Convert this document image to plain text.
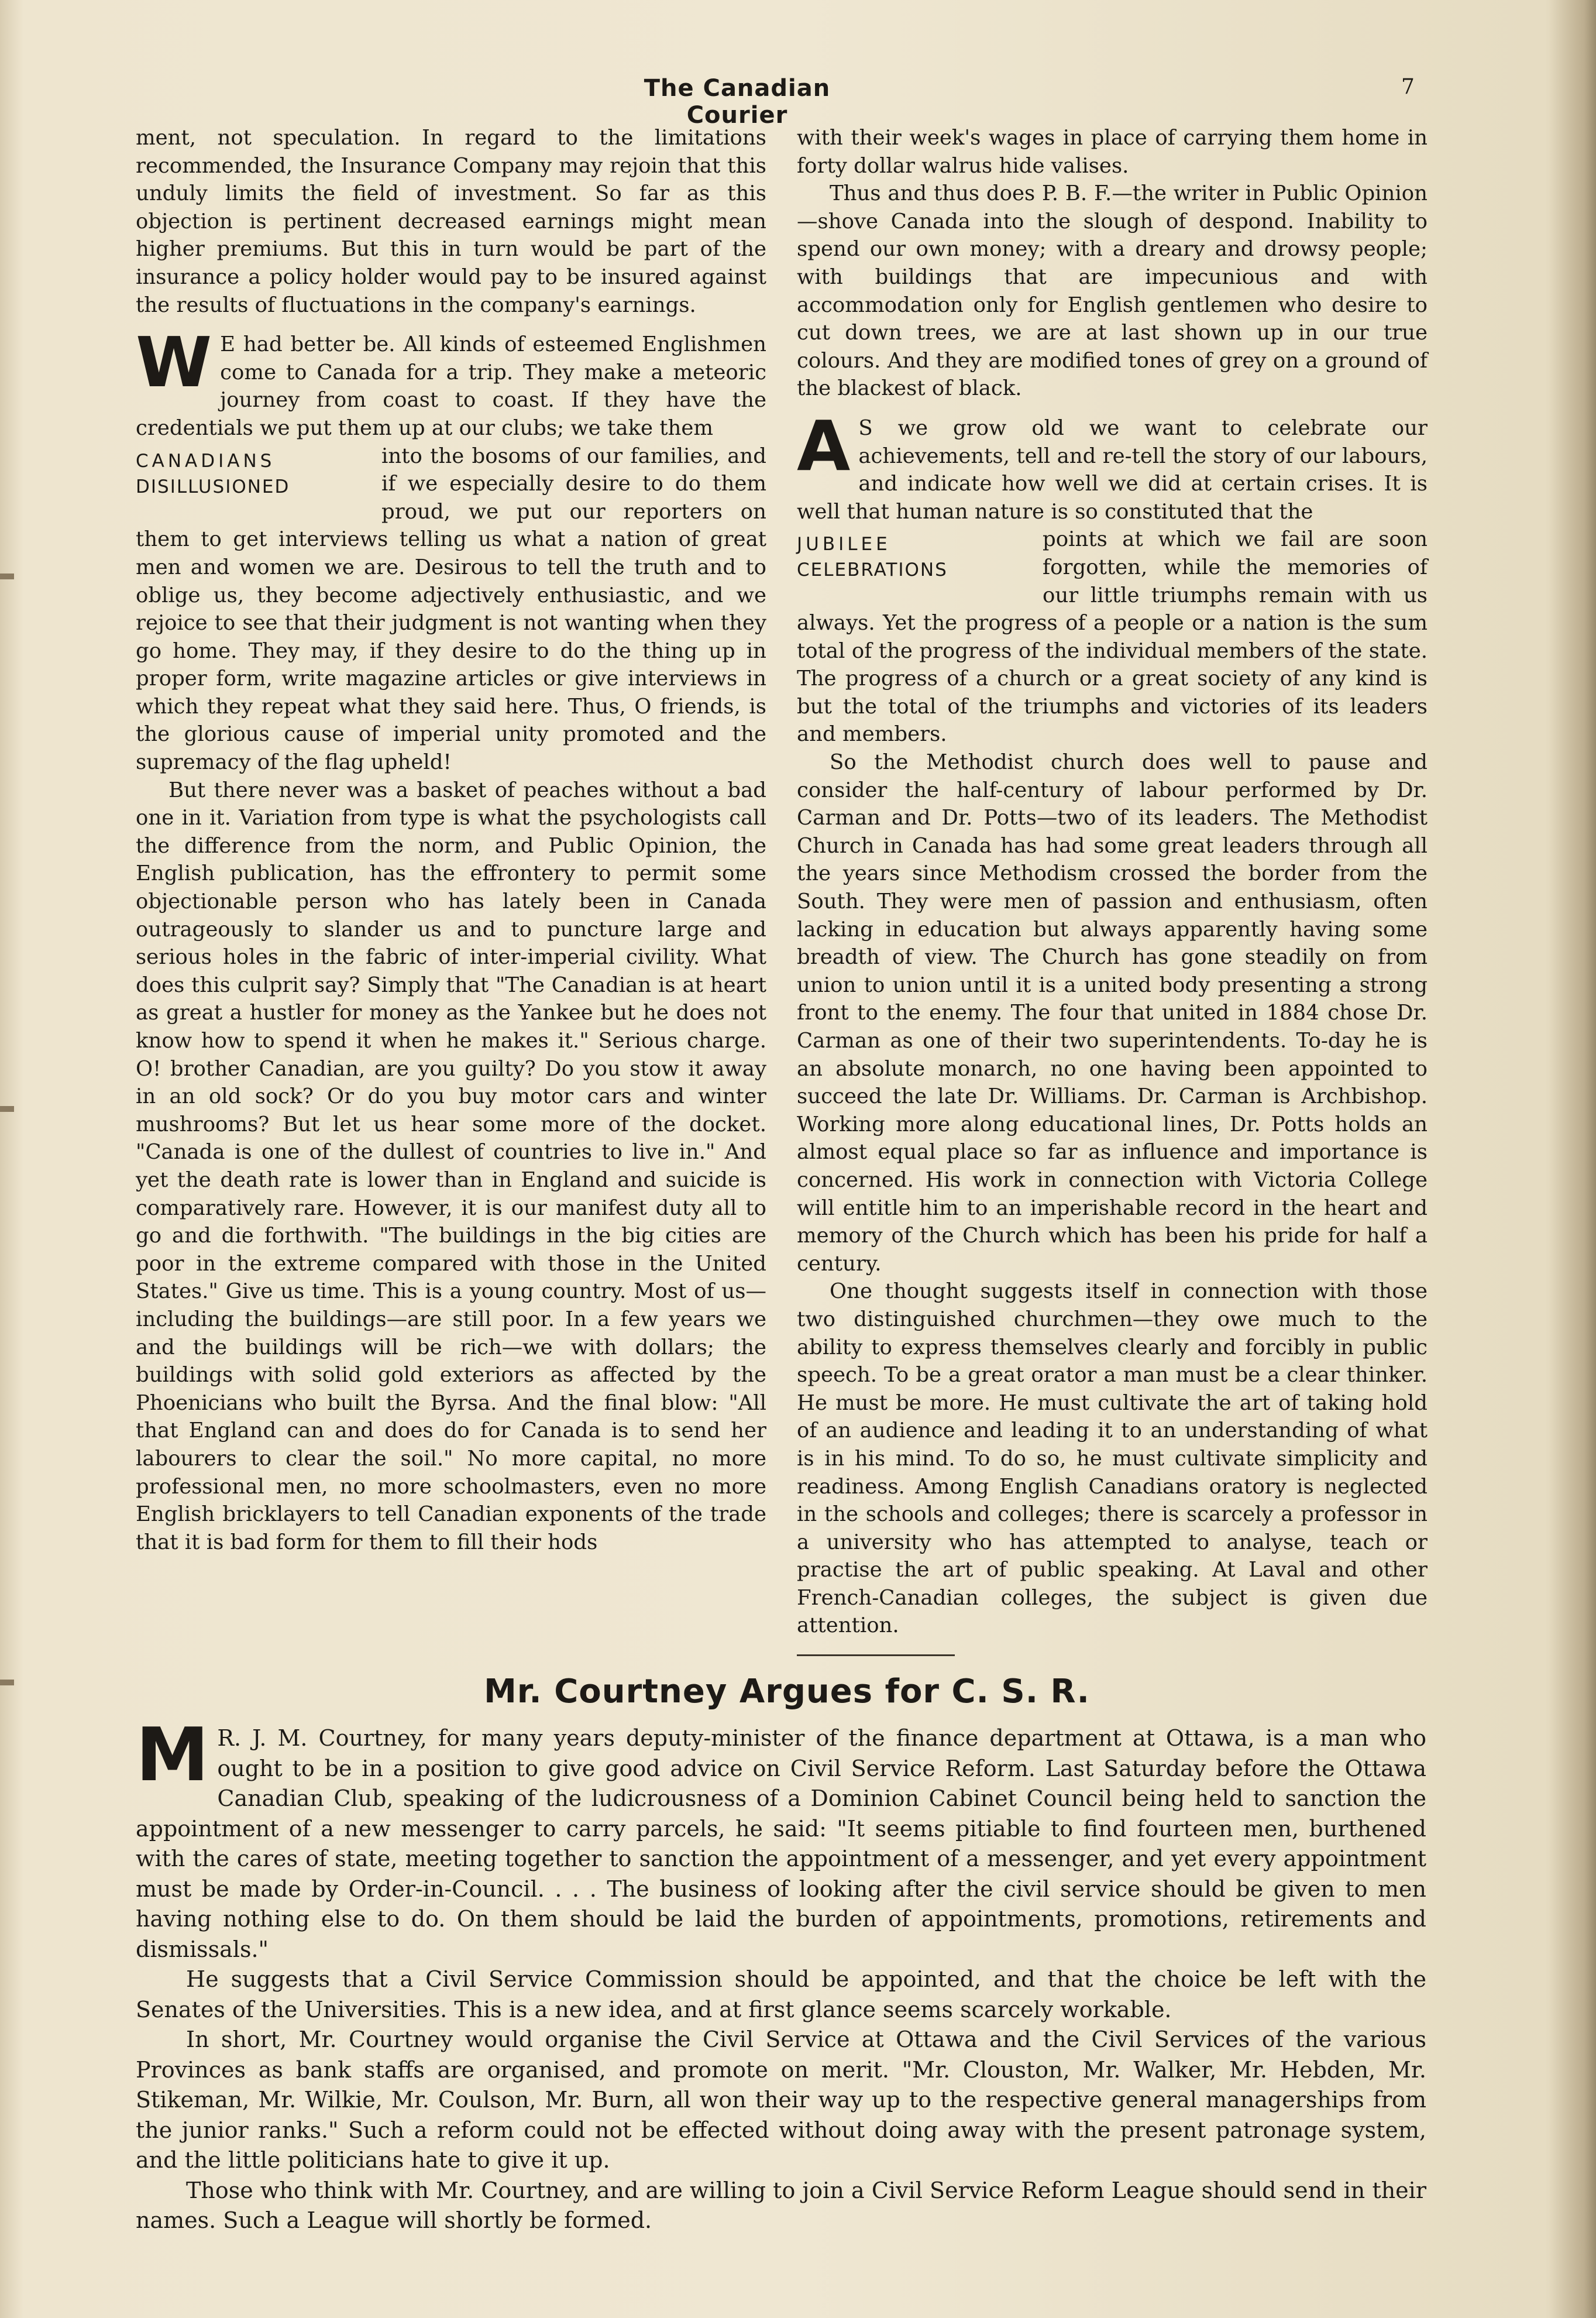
The Canadian Courier
7

ment, not speculation. In regard to the limitations recommended, the Insurance Company may rejoin that this unduly limits the field of investment. So far as this objection is pertinent decreased earnings might mean higher premiums. But this in turn would be part of the insurance a policy holder would pay to be insured against the results of fluctuations in the company's earnings.

W E had better be. All kinds of esteemed Englishmen come to Canada for a trip. They make a meteoric journey from coast to coast. If they have the credentials we put them up at our clubs; we take them

CANADIANS
DISILLUSIONED
into the bosoms of our families, and if we especially desire to do them proud, we put our reporters on them to get interviews telling us what a nation of great men and women we are. Desirous to tell the truth and to oblige us, they become adjectively enthusiastic, and we rejoice to see that their judgment is not wanting when they go home. They may, if they desire to do the thing up in proper form, write magazine articles or give interviews in which they repeat what they said here. Thus, O friends, is the glorious cause of imperial unity promoted and the supremacy of the flag upheld!

But there never was a basket of peaches without a bad one in it. Variation from type is what the psychologists call the difference from the norm, and Public Opinion, the English publication, has the effrontery to permit some objectionable person who has lately been in Canada outrageously to slander us and to puncture large and serious holes in the fabric of inter-imperial civility. What does this culprit say? Simply that "The Canadian is at heart as great a hustler for money as the Yankee but he does not know how to spend it when he makes it." Serious charge. O! brother Canadian, are you guilty? Do you stow it away in an old sock? Or do you buy motor cars and winter mushrooms? But let us hear some more of the docket. "Canada is one of the dullest of countries to live in." And yet the death rate is lower than in England and suicide is comparatively rare. However, it is our manifest duty all to go and die forthwith. "The buildings in the big cities are poor in the extreme compared with those in the United States." Give us time. This is a young country. Most of us—including the buildings—are still poor. In a few years we and the buildings will be rich—we with dollars; the buildings with solid gold exteriors as affected by the Phoenicians who built the Byrsa. And the final blow: "All that England can and does do for Canada is to send her labourers to clear the soil." No more capital, no more professional men, no more schoolmasters, even no more English bricklayers to tell Canadian exponents of the trade that it is bad form for them to fill their hods

with their week's wages in place of carrying them home in forty dollar walrus hide valises.

Thus and thus does P. B. F.—the writer in Public Opinion—shove Canada into the slough of despond. Inability to spend our own money; with a dreary and drowsy people; with buildings that are impecunious and with accommodation only for English gentlemen who desire to cut down trees, we are at last shown up in our true colours. And they are modified tones of grey on a ground of the blackest of black.

A S we grow old we want to celebrate our achievements, tell and re-tell the story of our labours, and indicate how well we did at certain crises. It is well that human nature is so constituted that the

JUBILEE
CELEBRATIONS
points at which we fail are soon forgotten, while the memories of our little triumphs remain with us always. Yet the progress of a people or a nation is the sum total of the progress of the individual members of the state. The progress of a church or a great society of any kind is but the total of the triumphs and victories of its leaders and members.

So the Methodist church does well to pause and consider the half-century of labour performed by Dr. Carman and Dr. Potts—two of its leaders. The Methodist Church in Canada has had some great leaders through all the years since Methodism crossed the border from the South. They were men of passion and enthusiasm, often lacking in education but always apparently having some breadth of view. The Church has gone steadily on from union to union until it is a united body presenting a strong front to the enemy. The four that united in 1884 chose Dr. Carman as one of their two superintendents. To-day he is an absolute monarch, no one having been appointed to succeed the late Dr. Williams. Dr. Carman is Archbishop. Working more along educational lines, Dr. Potts holds an almost equal place so far as influence and importance is concerned. His work in connection with Victoria College will entitle him to an imperishable record in the heart and memory of the Church which has been his pride for half a century.

One thought suggests itself in connection with those two distinguished churchmen—they owe much to the ability to express themselves clearly and forcibly in public speech. To be a great orator a man must be a clear thinker. He must be more. He must cultivate the art of taking hold of an audience and leading it to an understanding of what is in his mind. To do so, he must cultivate simplicity and readiness. Among English Canadians oratory is neglected in the schools and colleges; there is scarcely a professor in a university who has attempted to analyse, teach or practise the art of public speaking. At Laval and other French-Canadian colleges, the subject is given due attention.

Mr. Courtney Argues for C. S. R.

M R. J. M. Courtney, for many years deputy-minister of the finance department at Ottawa, is a man who ought to be in a position to give good advice on Civil Service Reform. Last Saturday before the Ottawa Canadian Club, speaking of the ludicrousness of a Dominion Cabinet Council being held to sanction the appointment of a new messenger to carry parcels, he said: "It seems pitiable to find fourteen men, burthened with the cares of state, meeting together to sanction the appointment of a messenger, and yet every appointment must be made by Order-in-Council. . . . The business of looking after the civil service should be given to men having nothing else to do. On them should be laid the burden of appointments, promotions, retirements and dismissals."

He suggests that a Civil Service Commission should be appointed, and that the choice be left with the Senates of the Universities. This is a new idea, and at first glance seems scarcely workable.

In short, Mr. Courtney would organise the Civil Service at Ottawa and the Civil Services of the various Provinces as bank staffs are organised, and promote on merit. "Mr. Clouston, Mr. Walker, Mr. Hebden, Mr. Stikeman, Mr. Wilkie, Mr. Coulson, Mr. Burn, all won their way up to the respective general managerships from the junior ranks." Such a reform could not be effected without doing away with the present patronage system, and the little politicians hate to give it up.

Those who think with Mr. Courtney, and are willing to join a Civil Service Reform League should send in their names. Such a League will shortly be formed.
